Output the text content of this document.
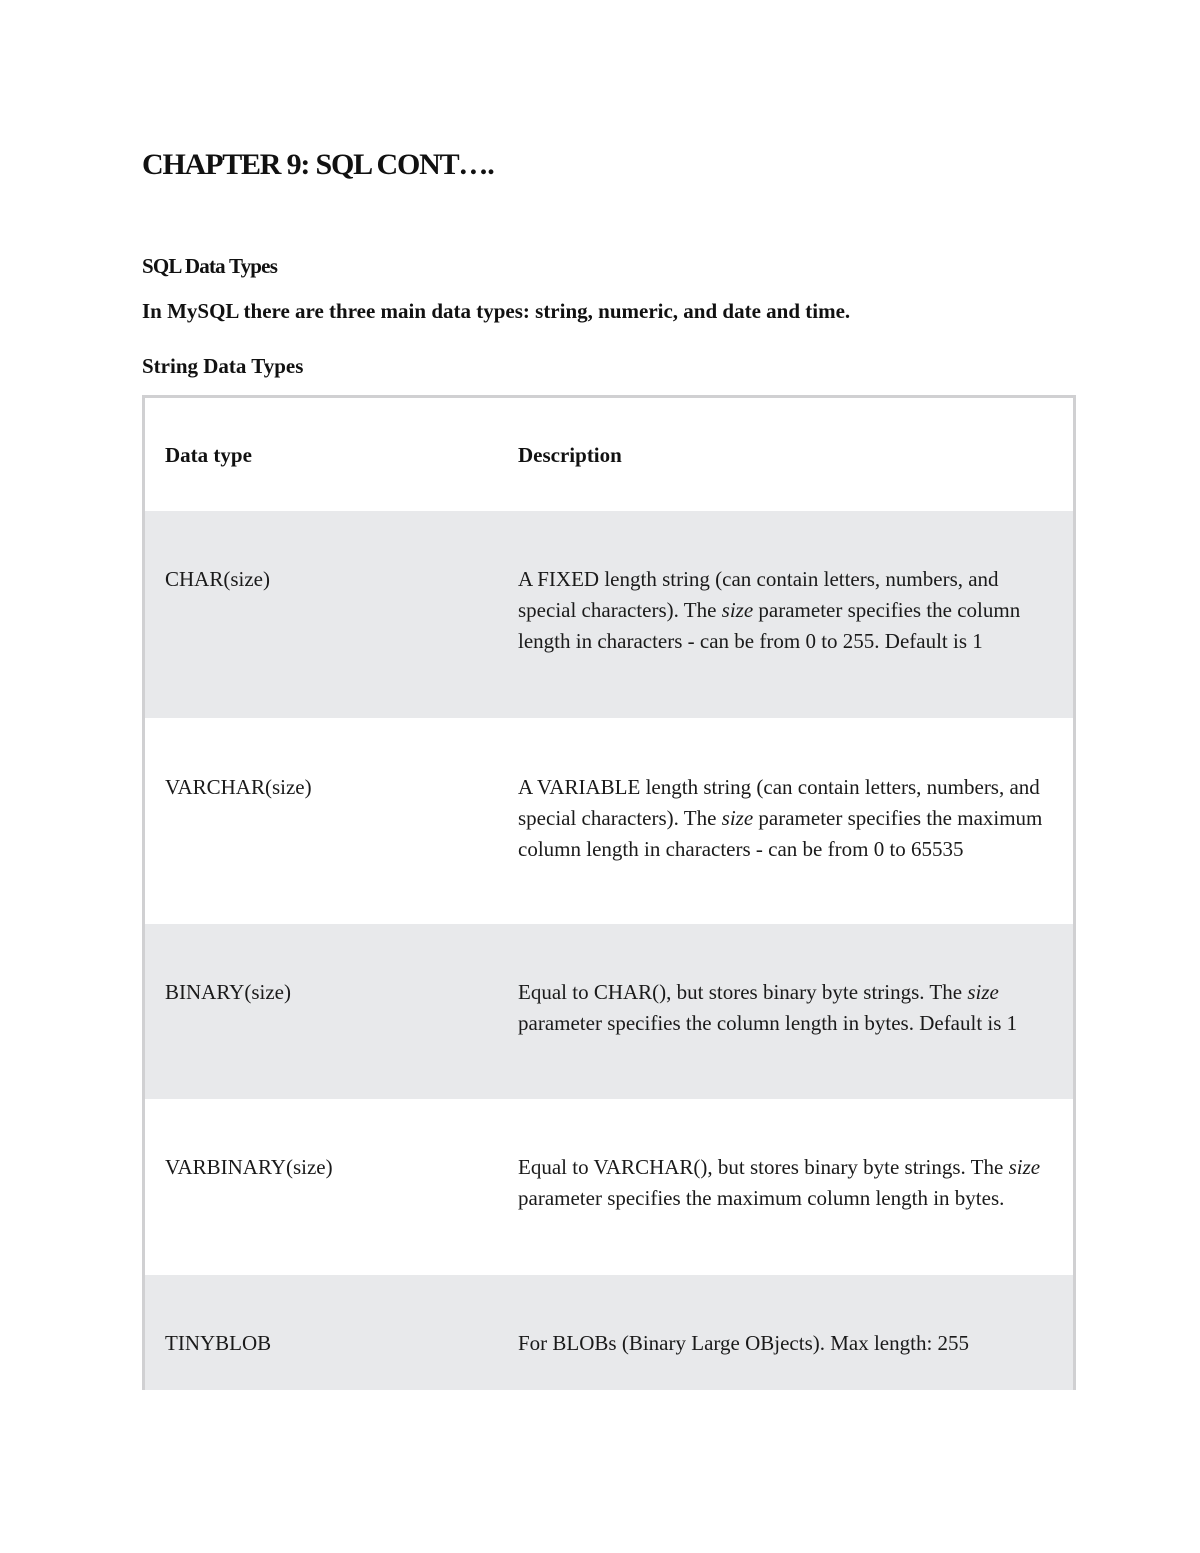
CHAPTER 9: SQL CONT….

SQL Data Types

In MySQL there are three main data types: string, numeric, and date and time.

String Data Types

Data type	Description
CHAR(size)	A FIXED length string (can contain letters, numbers, and special characters). The size parameter specifies the column length in characters - can be from 0 to 255. Default is 1
VARCHAR(size)	A VARIABLE length string (can contain letters, numbers, and special characters). The size parameter specifies the maximum column length in characters - can be from 0 to 65535
BINARY(size)	Equal to CHAR(), but stores binary byte strings. The size parameter specifies the column length in bytes. Default is 1
VARBINARY(size)	Equal to VARCHAR(), but stores binary byte strings. The size parameter specifies the maximum column length in bytes.
TINYBLOB	For BLOBs (Binary Large OBjects). Max length: 255
